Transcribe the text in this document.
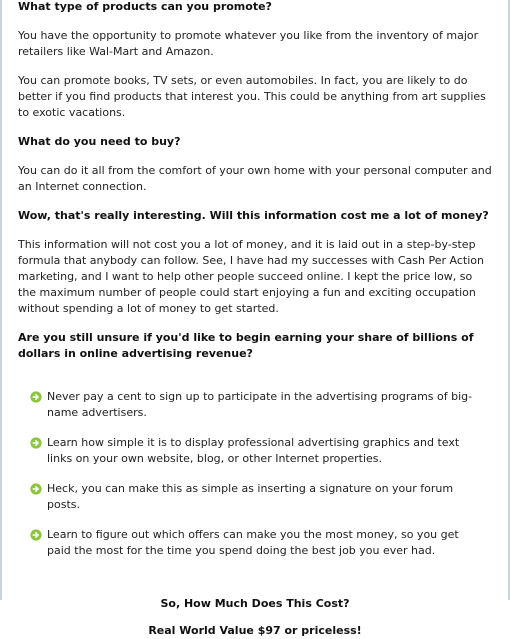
What type of products can you promote?

You have the opportunity to promote whatever you like from the inventory of major retailers like Wal-Mart and Amazon.

You can promote books, TV sets, or even automobiles. In fact, you are likely to do better if you find products that interest you. This could be anything from art supplies to exotic vacations.

What do you need to buy?

You can do it all from the comfort of your own home with your personal computer and an Internet connection.

Wow, that's really interesting. Will this information cost me a lot of money?

This information will not cost you a lot of money, and it is laid out in a step-by-step formula that anybody can follow. See, I have had my successes with Cash Per Action marketing, and I want to help other people succeed online. I kept the price low, so the maximum number of people could start enjoying a fun and exciting occupation without spending a lot of money to get started.

Are you still unsure if you'd like to begin earning your share of billions of dollars in online advertising revenue?

Never pay a cent to sign up to participate in the advertising programs of big-name advertisers.
Learn how simple it is to display professional advertising graphics and text links on your own website, blog, or other Internet properties.
Heck, you can make this as simple as inserting a signature on your forum posts.
Learn to figure out which offers can make you the most money, so you get paid the most for the time you spend doing the best job you ever had.

So, How Much Does This Cost?

Real World Value $97 or priceless!
